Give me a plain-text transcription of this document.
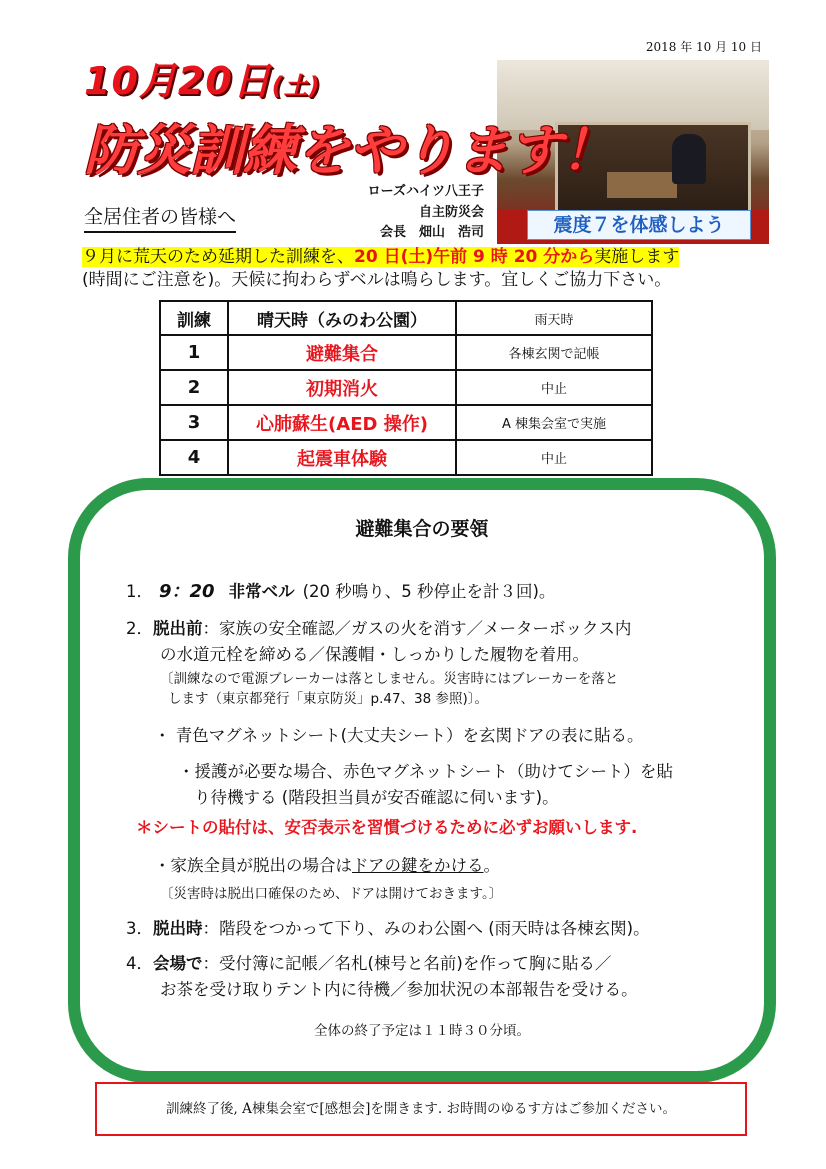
2018 年 10 月 10 日
10月20日(土)
震度７を体感しよう
防災訓練をやります！
全居住者の皆様へ
ローズハイツ八王子
自主防災会
会長　畑山　浩司
９月に荒天のため延期した訓練を、20 日(土)午前 9 時 20 分から実施します
(時間にご注意を)。天候に拘わらずベルは鳴らします。宜しくご協力下さい。
訓練	晴天時（みのわ公園）	雨天時
1	避難集合	各棟玄関で記帳
2	初期消火	中止
3	心肺蘇生(AED 操作)	A 棟集会室で実施
4	起震車体験	中止
避難集合の要領
1． 9：20 非常ベル (20 秒鳴り、5 秒停止を計３回)。
2．脱出前：家族の安全確認／ガスの火を消す／メーターボックス内
の水道元栓を締める／保護帽・しっかりした履物を着用。
〔訓練なので電源ブレーカーは落としません。災害時にはブレーカーを落と
します（東京都発行「東京防災」p.47、38 参照)〕。
・ 青色マグネットシート(大丈夫シート）を玄関ドアの表に貼る。
・援護が必要な場合、赤色マグネットシート（助けてシート）を貼
り待機する (階段担当員が安否確認に伺います)。
＊シートの貼付は、安否表示を習慣づけるために必ずお願いします.
・家族全員が脱出の場合はドアの鍵をかける。
〔災害時は脱出口確保のため、ドアは開けておきます。〕
3．脱出時：階段をつかって下り、みのわ公園へ (雨天時は各棟玄関)。
4．会場で：受付簿に記帳／名札(棟号と名前)を作って胸に貼る／
お茶を受け取りテント内に待機／参加状況の本部報告を受ける。
全体の終了予定は１１時３０分頃。
訓練終了後, A棟集会室で[感想会]を開きます. お時間のゆるす方はご参加ください。
